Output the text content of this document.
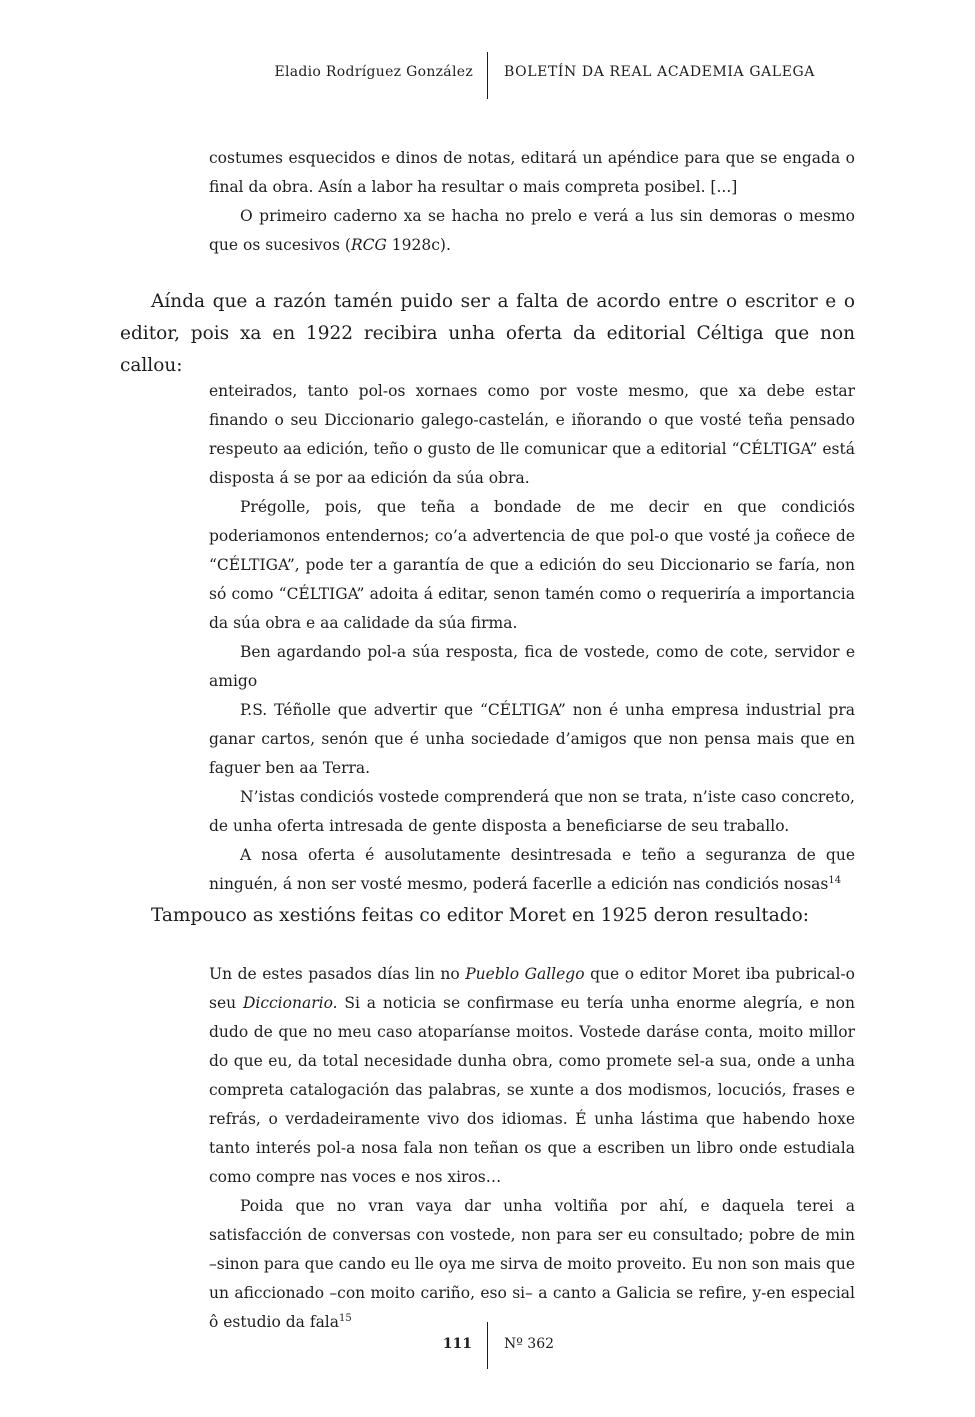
Eladio Rodríguez González BOLETÍN DA REAL ACADEMIA GALEGA

costumes esquecidos e dinos de notas, editará un apéndice para que se engada o final da obra. Asín a labor ha resultar o mais compreta posibel. [...]

O primeiro caderno xa se hacha no prelo e verá a lus sin demoras o mesmo que os sucesivos (RCG 1928c).

Aínda que a razón tamén puido ser a falta de acordo entre o escritor e o editor, pois xa en 1922 recibira unha oferta da editorial Céltiga que non callou:

enteirados, tanto pol-os xornaes como por voste mesmo, que xa debe estar finando o seu Diccionario galego-castelán, e iñorando o que vosté teña pensado respeuto aa edición, teño o gusto de lle comunicar que a editorial “CÉLTIGA” está disposta á se por aa edición da súa obra.

Prégolle, pois, que teña a bondade de me decir en que condiciós poderiamonos entendernos; co’a advertencia de que pol-o que vosté ja coñece de “CÉLTIGA”, pode ter a garantía de que a edición do seu Diccionario se faría, non só como “CÉLTIGA” adoita á editar, senon tamén como o requeriría a importancia da súa obra e aa calidade da súa firma.

Ben agardando pol-a súa resposta, fica de vostede, como de cote, servidor e amigo

P.S. Téñolle que advertir que “CÉLTIGA” non é unha empresa industrial pra ganar cartos, senón que é unha sociedade d’amigos que non pensa mais que en faguer ben aa Terra.

N’istas condiciós vostede comprenderá que non se trata, n’iste caso concreto, de unha oferta intresada de gente disposta a beneficiarse de seu traballo.

A nosa oferta é ausolutamente desintresada e teño a seguranza de que ninguén, á non ser vosté mesmo, poderá facerlle a edición nas condiciós nosas$^{14}$

Tampouco as xestións feitas co editor Moret en 1925 deron resultado:

Un de estes pasados días lin no Pueblo Gallego que o editor Moret iba pubrical-o seu Diccionario. Si a noticia se confirmase eu tería unha enorme alegría, e non dudo de que no meu caso atoparíanse moitos. Vostede daráse conta, moito millor do que eu, da total necesidade dunha obra, como promete sel-a sua, onde a unha compreta catalogación das palabras, se xunte a dos modismos, locuciós, frases e refrás, o verdadeiramente vivo dos idiomas. É unha lástima que habendo hoxe tanto interés pol-a nosa fala non teñan os que a escriben un libro onde estudiala como compre nas voces e nos xiros…

Poida que no vran vaya dar unha voltiña por ahí, e daquela terei a satisfacción de conversas con vostede, non para ser eu consultado; pobre de min –sinon para que cando eu lle oya me sirva de moito proveito. Eu non son mais que un aficcionado –con moito cariño, eso si– a canto a Galicia se refire, y-en especial ô estudio da fala$^{15}$

111 Nº 362
